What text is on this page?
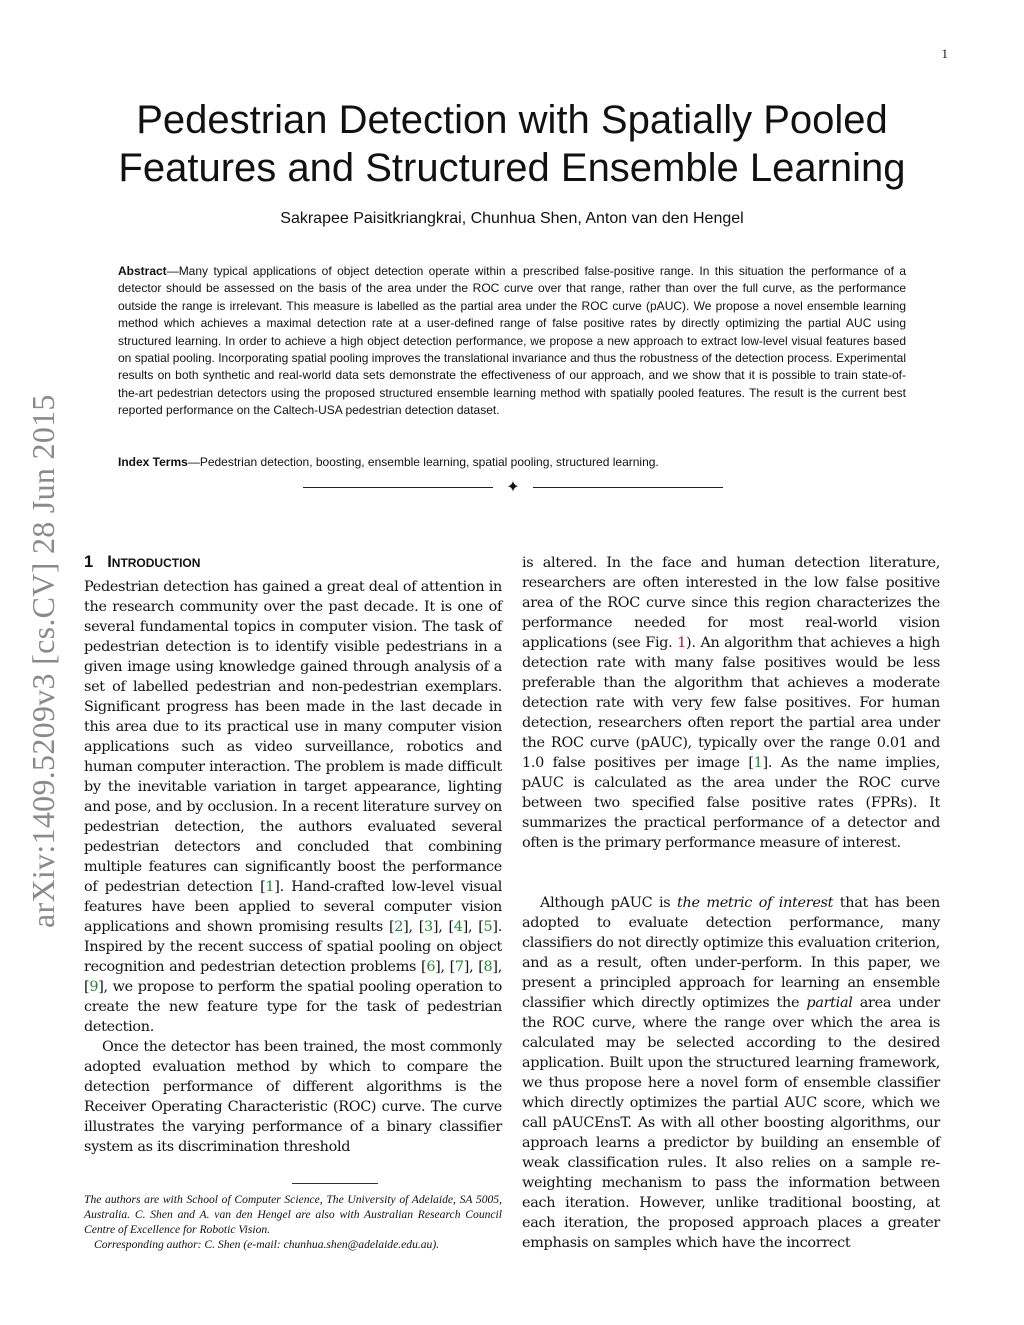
1
arXiv:1409.5209v3 [cs.CV] 28 Jun 2015
Pedestrian Detection with Spatially Pooled
Features and Structured Ensemble Learning
Sakrapee Paisitkriangkrai, Chunhua Shen, Anton van den Hengel
Abstract—Many typical applications of object detection operate within a prescribed false-positive range. In this situation the performance of a detector should be assessed on the basis of the area under the ROC curve over that range, rather than over the full curve, as the performance outside the range is irrelevant. This measure is labelled as the partial area under the ROC curve (pAUC). We propose a novel ensemble learning method which achieves a maximal detection rate at a user-defined range of false positive rates by directly optimizing the partial AUC using structured learning. In order to achieve a high object detection performance, we propose a new approach to extract low-level visual features based on spatial pooling. Incorporating spatial pooling improves the translational invariance and thus the robustness of the detection process. Experimental results on both synthetic and real-world data sets demonstrate the effectiveness of our approach, and we show that it is possible to train state-of-the-art pedestrian detectors using the proposed structured ensemble learning method with spatially pooled features. The result is the current best reported performance on the Caltech-USA pedestrian detection dataset.
Index Terms—Pedestrian detection, boosting, ensemble learning, spatial pooling, structured learning.
✦
1 Introduction

Pedestrian detection has gained a great deal of attention in the research community over the past decade. It is one of several fundamental topics in computer vision. The task of pedestrian detection is to identify visible pedestrians in a given image using knowledge gained through analysis of a set of labelled pedestrian and non-pedestrian exemplars. Significant progress has been made in the last decade in this area due to its practical use in many computer vision applications such as video surveillance, robotics and human computer interaction. The problem is made difficult by the inevitable variation in target appearance, lighting and pose, and by occlusion. In a recent literature survey on pedestrian detection, the authors evaluated several pedestrian detectors and concluded that combining multiple features can significantly boost the performance of pedestrian detection [1]. Hand-crafted low-level visual features have been applied to several computer vision applications and shown promising results [2], [3], [4], [5]. Inspired by the recent success of spatial pooling on object recognition and pedestrian detection problems [6], [7], [8], [9], we propose to perform the spatial pooling operation to create the new feature type for the task of pedestrian detection.

Once the detector has been trained, the most commonly adopted evaluation method by which to compare the detection performance of different algorithms is the Receiver Operating Characteristic (ROC) curve. The curve illustrates the varying performance of a binary classifier system as its discrimination threshold

is altered. In the face and human detection literature, researchers are often interested in the low false positive area of the ROC curve since this region characterizes the performance needed for most real-world vision applications (see Fig. 1). An algorithm that achieves a high detection rate with many false positives would be less preferable than the algorithm that achieves a moderate detection rate with very few false positives. For human detection, researchers often report the partial area under the ROC curve (pAUC), typically over the range 0.01 and 1.0 false positives per image [1]. As the name implies, pAUC is calculated as the area under the ROC curve between two specified false positive rates (FPRs). It summarizes the practical performance of a detector and often is the primary performance measure of interest.

Although pAUC is the metric of interest that has been adopted to evaluate detection performance, many classifiers do not directly optimize this evaluation criterion, and as a result, often under-perform. In this paper, we present a principled approach for learning an ensemble classifier which directly optimizes the partial area under the ROC curve, where the range over which the area is calculated may be selected according to the desired application. Built upon the structured learning framework, we thus propose here a novel form of ensemble classifier which directly optimizes the partial AUC score, which we call pAUCEnsT. As with all other boosting algorithms, our approach learns a predictor by building an ensemble of weak classification rules. It also relies on a sample re-weighting mechanism to pass the information between each iteration. However, unlike traditional boosting, at each iteration, the proposed approach places a greater emphasis on samples which have the incorrect

The authors are with School of Computer Science, The University of Adelaide, SA 5005, Australia. C. Shen and A. van den Hengel are also with Australian Research Council Centre of Excellence for Robotic Vision.

Corresponding author: C. Shen (e-mail: chunhua.shen@adelaide.edu.au).
